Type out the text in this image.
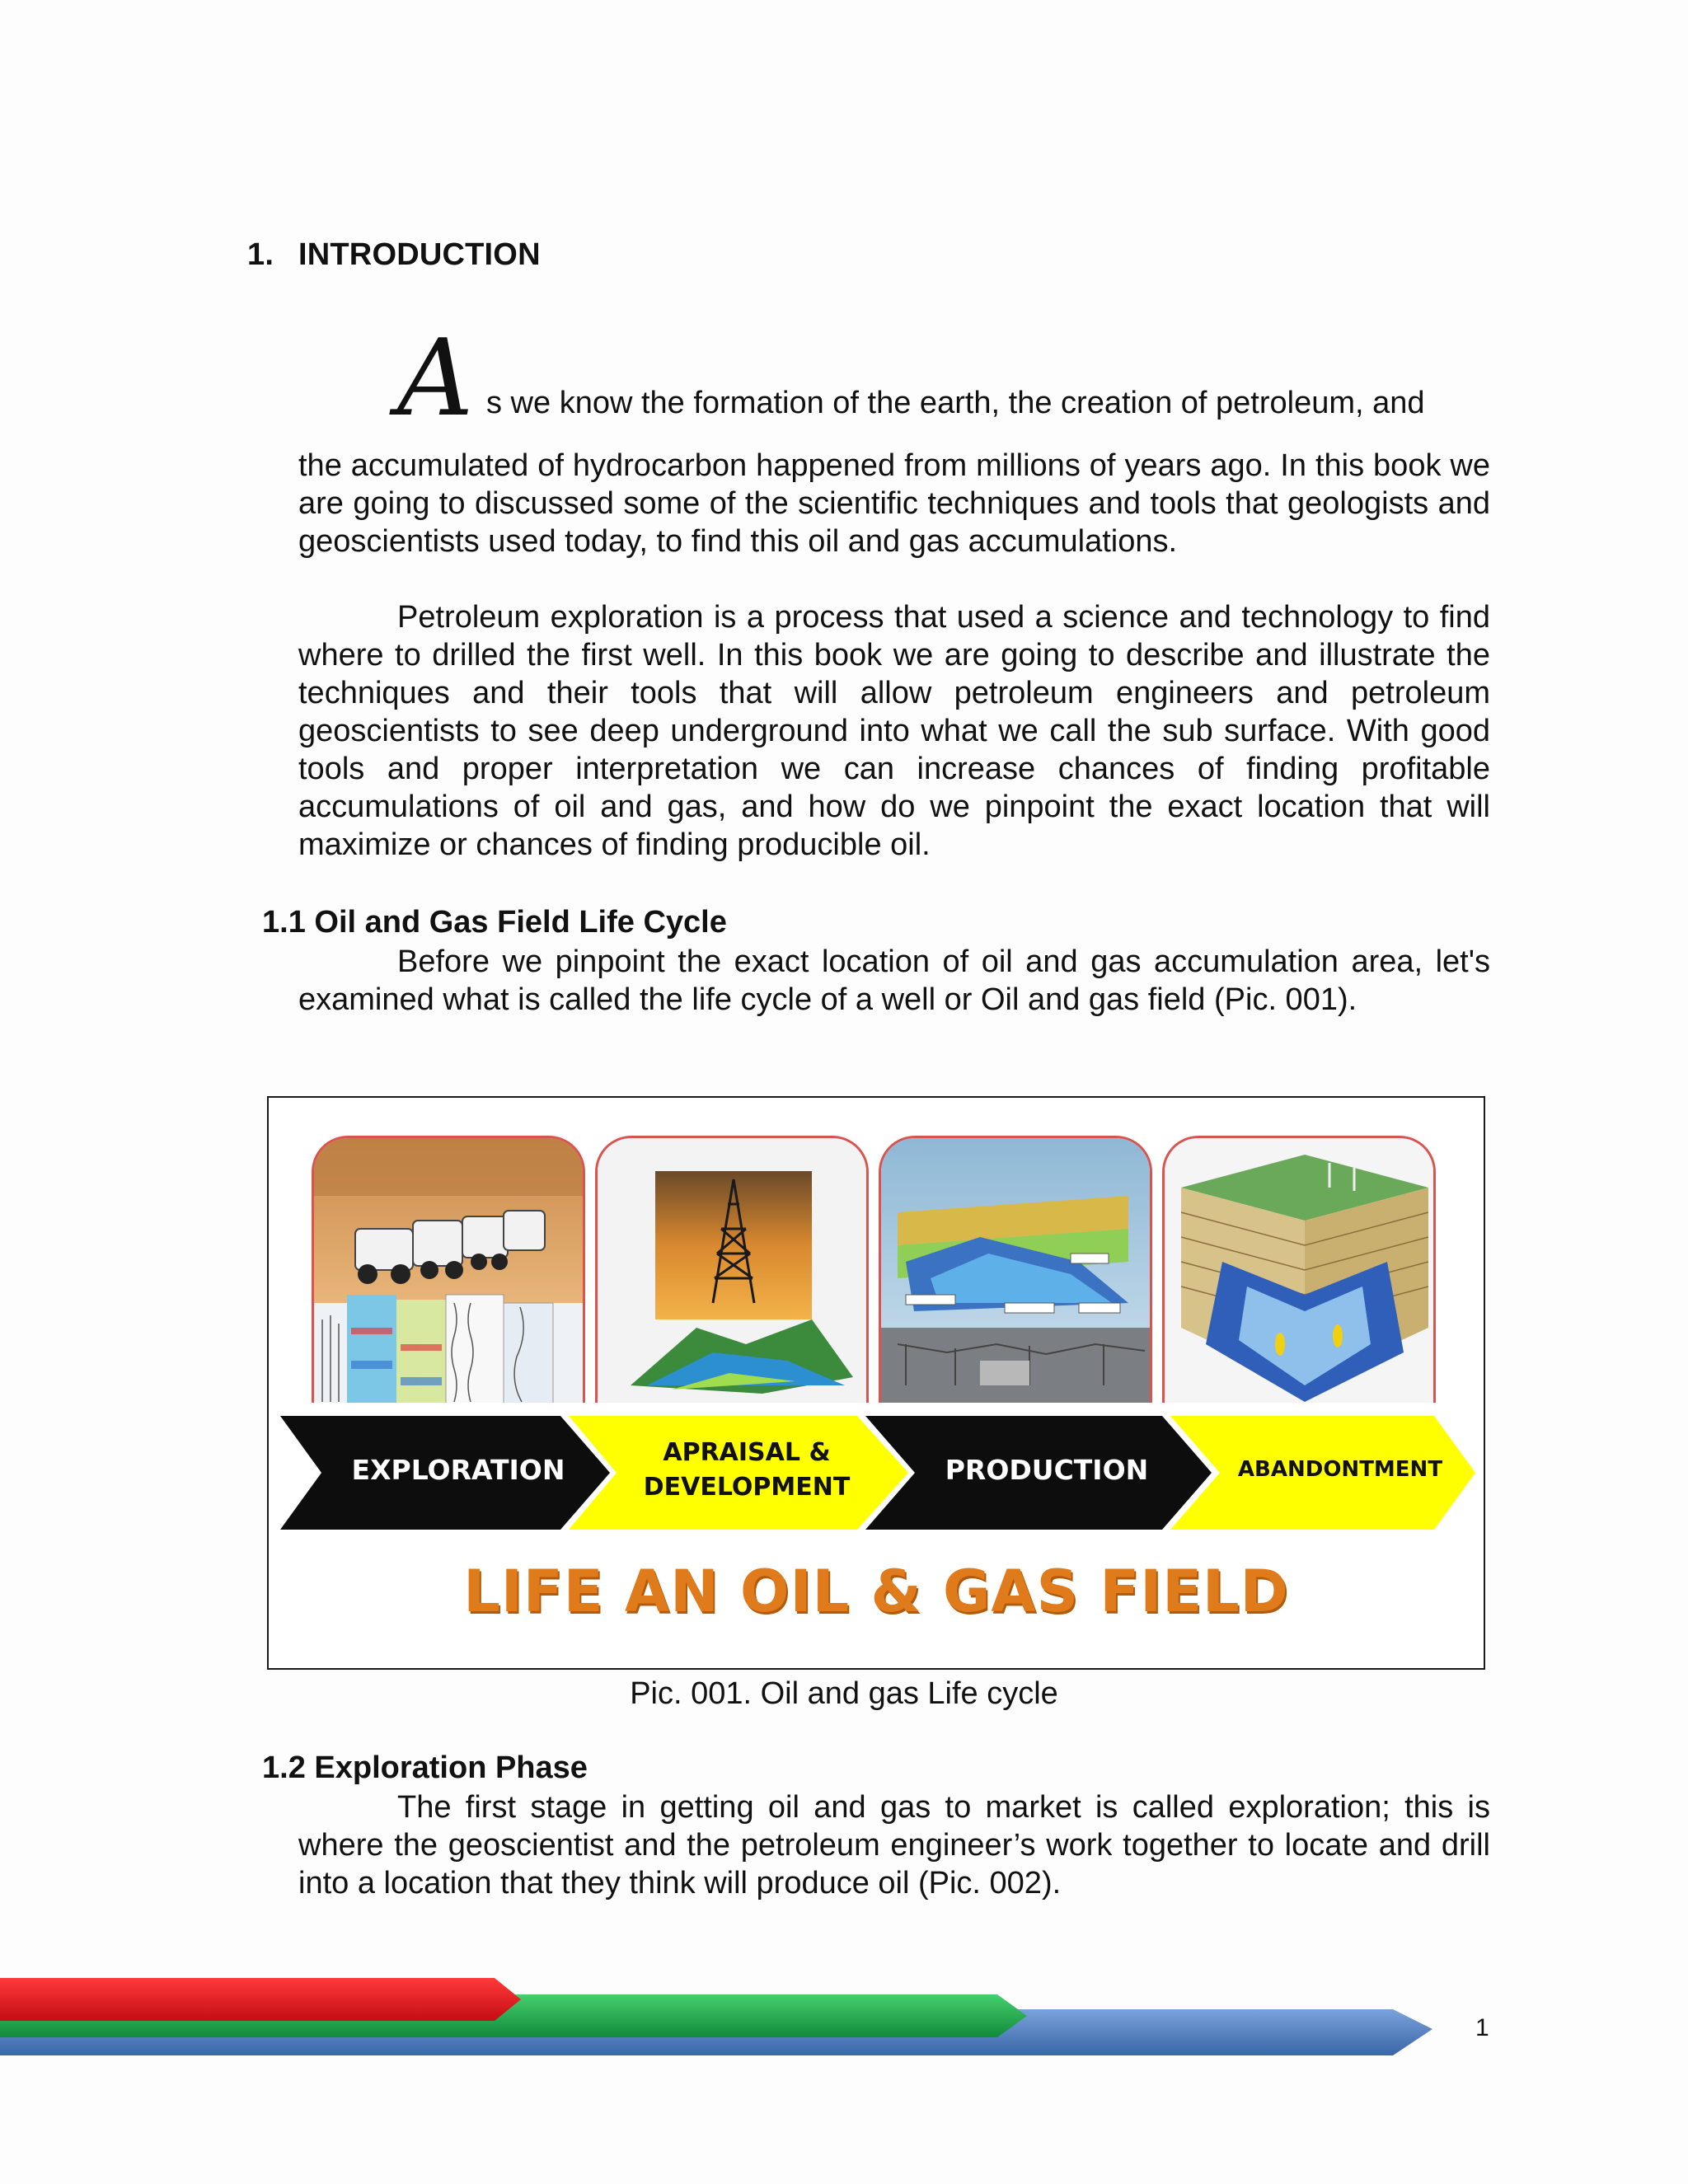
1. INTRODUCTION
A s we know the formation of the earth, the creation of petroleum, and
the accumulated of hydrocarbon happened from millions of years ago. In this book we are going to discussed some of the scientific techniques and tools that geologists and geoscientists used today, to find this oil and gas accumulations.
Petroleum exploration is a process that used a science and technology to find where to drilled the first well. In this book we are going to describe and illustrate the techniques and their tools that will allow petroleum engineers and petroleum geoscientists to see deep underground into what we call the sub surface. With good tools and proper interpretation we can increase chances of finding profitable accumulations of oil and gas, and how do we pinpoint the exact location that will maximize or chances of finding producible oil.
1.1 Oil and Gas Field Life Cycle
Before we pinpoint the exact location of oil and gas accumulation area, let's examined what is called the life cycle of a well or Oil and gas field (Pic. 001).
EXPLORATION
APRAISAL &
DEVELOPMENT
PRODUCTION	ABANDONTMENT
LIFE AN OIL & GAS FIELD
Pic. 001. Oil and gas Life cycle
1.2 Exploration Phase
The first stage in getting oil and gas to market is called exploration; this is where the geoscientist and the petroleum engineer’s work together to locate and drill into a location that they think will produce oil (Pic. 002).
1
